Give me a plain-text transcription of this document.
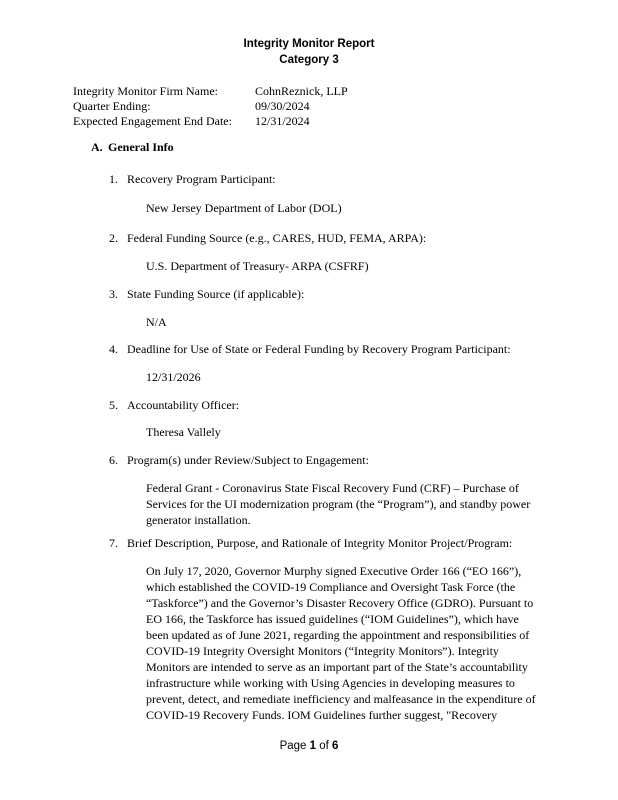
Integrity Monitor Report
Category 3
Integrity Monitor Firm Name:	CohnReznick, LLP
Quarter Ending:	09/30/2024
Expected Engagement End Date:	12/31/2024
A. General Info
1. Recovery Program Participant:
New Jersey Department of Labor (DOL)
2. Federal Funding Source (e.g., CARES, HUD, FEMA, ARPA):
U.S. Department of Treasury- ARPA (CSFRF)
3. State Funding Source (if applicable):
N/A
4. Deadline for Use of State or Federal Funding by Recovery Program Participant:
12/31/2026
5. Accountability Officer:
Theresa Vallely
6. Program(s) under Review/Subject to Engagement:
Federal Grant - Coronavirus State Fiscal Recovery Fund (CRF) – Purchase of
Services for the UI modernization program (the “Program”), and standby power
generator installation.
7. Brief Description, Purpose, and Rationale of Integrity Monitor Project/Program:
On July 17, 2020, Governor Murphy signed Executive Order 166 (“EO 166”),
which established the COVID-19 Compliance and Oversight Task Force (the
“Taskforce”) and the Governor’s Disaster Recovery Office (GDRO). Pursuant to
EO 166, the Taskforce has issued guidelines (“IOM Guidelines”), which have
been updated as of June 2021, regarding the appointment and responsibilities of
COVID-19 Integrity Oversight Monitors (“Integrity Monitors”). Integrity
Monitors are intended to serve as an important part of the State’s accountability
infrastructure while working with Using Agencies in developing measures to
prevent, detect, and remediate inefficiency and malfeasance in the expenditure of
COVID-19 Recovery Funds. IOM Guidelines further suggest, "Recovery
Page 1 of 6
